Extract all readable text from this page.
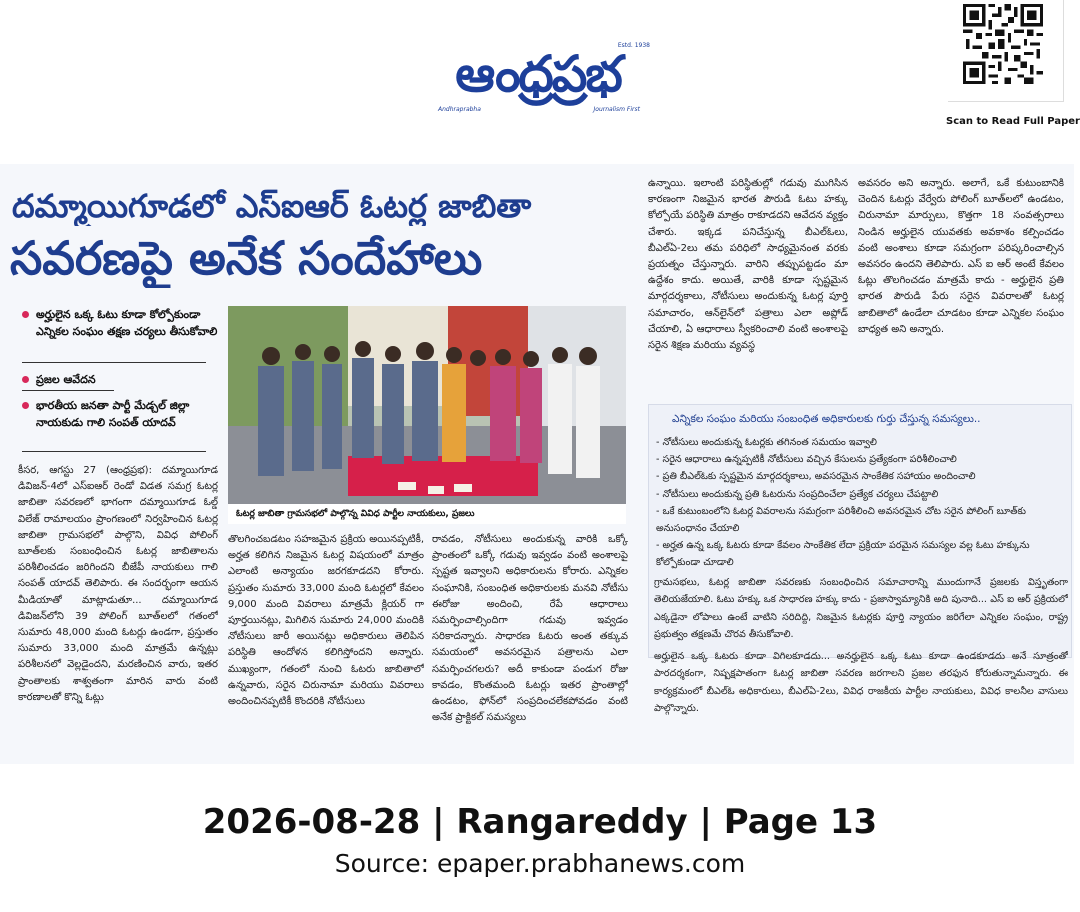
Estd. 1938
ఆంధ్రప్రభ
Andhraprabha	Journalism First
Scan to Read Full Paper
దమ్మాయిగూడలో ఎస్ఐఆర్ ఓటర్ల జాబితా
సవరణపై అనేక సందేహాలు
అర్హులైన ఒక్క ఓటు కూడా కోల్పోకుండా ఎన్నికల సంఘం తక్షణ చర్యలు తీసుకోవాలి
ప్రజల ఆవేదన
భారతీయ జనతా పార్టీ మేడ్చల్ జిల్లా నాయకుడు గాలి సంపత్ యాదవ్
కీసర, ఆగస్టు 27 (ఆంధ్రప్రభ): దమ్మాయిగూడ డివిజన్-4లో ఎస్ఐఆర్ రెండో విడత సమగ్ర ఓటర్ల జాబితా సవరణలో భాగంగా దమ్మాయిగూడ ఓల్డ్ విలేజ్ రామాలయం ప్రాంగణంలో నిర్వహించిన ఓటర్ల జాబితా గ్రామసభలో పాల్గొని, వివిధ పోలింగ్ బూత్‌లకు సంబంధించిన ఓటర్ల జాబితాలను పరిశీలించడం జరిగిందని బీజేపీ నాయకులు గాలి సంపత్ యాదవ్ తెలిపారు. ఈ సందర్భంగా ఆయన మీడియాతో మాట్లాడుతూ... దమ్మాయిగూడ డివిజన్‌లోని 39 పోలింగ్ బూత్‌లలో గతంలో సుమారు 48,000 మంది ఓటర్లు ఉండగా, ప్రస్తుతం సుమారు 33,000 మంది మాత్రమే ఉన్నట్లు పరిశీలనలో వెల్లడైందని, మరణించిన వారు, ఇతర ప్రాంతాలకు శాశ్వతంగా మారిన వారు వంటి కారణాలతో కొన్ని ఓట్లు
ఓటర్ల జాబితా గ్రామసభలో పాల్గొన్న వివిధ పార్టీల నాయకులు, ప్రజలు
తొలగించబడటం సహజమైన ప్రక్రియ అయినప్పటికీ, అర్హత కలిగిన నిజమైన ఓటర్ల విషయంలో మాత్రం ఎలాంటి అన్యాయం జరగకూడదని కోరారు. ప్రస్తుతం సుమారు 33,000 మంది ఓటర్లలో కేవలం 9,000 మంది వివరాలు మాత్రమే క్లియర్ గా పూర్తయినట్లు, మిగిలిన సుమారు 24,000 మందికి నోటీసులు జారీ అయినట్లు అధికారులు తెలిపిన పరిస్థితి ఆందోళన కలిగిస్తోందని అన్నారు. ముఖ్యంగా, గతంలో నుంచి ఓటరు జాబితాలో ఉన్నవారు, సరైన చిరునామా మరియు వివరాలు అందించినప్పటికీ కొందరికి నోటీసులు
రావడం, నోటీసులు అందుకున్న వారికి ఒక్కో ప్రాంతంలో ఒక్కో గడువు ఇవ్వడం వంటి అంశాలపై స్పష్టత ఇవ్వాలని అధికారులను కోరారు. ఎన్నికల సంఘానికి, సంబంధిత అధికారులకు మనవి నోటీసు ఈరోజు అందించి, రేపే ఆధారాలు సమర్పించాల్సిందిగా గడువు ఇవ్వడం సరికాదన్నారు. సాధారణ ఓటరు అంత తక్కువ సమయంలో అవసరమైన పత్రాలను ఎలా సమర్పించగలరు? అదీ కాకుండా పండుగ రోజు కావడం, కొంతమంది ఓటర్లు ఇతర ప్రాంతాల్లో ఉండటం, ఫోన్‌లో సంప్రదించలేకపోవడం వంటి అనేక ప్రాక్టికల్ సమస్యలు
ఉన్నాయి. ఇలాంటి పరిస్థితుల్లో గడువు ముగిసిన కారణంగా నిజమైన భారత పౌరుడి ఓటు హక్కు కోల్పోయే పరిస్థితి మాత్రం రాకూడదని ఆవేదన వ్యక్తం చేశారు. ఇక్కడ పనిచేస్తున్న బీఎల్‌ఓలు, బీఎల్‌ఏ-2లు తమ పరిధిలో సాధ్యమైనంత వరకు ప్రయత్నం చేస్తున్నారు. వారిని తప్పుపట్టడం మా ఉద్దేశం కాదు. అయితే, వారికి కూడా స్పష్టమైన మార్గదర్శకాలు, నోటీసులు అందుకున్న ఓటర్ల పూర్తి సమాచారం, ఆన్‌లైన్‌లో పత్రాలు ఎలా అప్లోడ్ చేయాలి, ఏ ఆధారాలు స్వీకరించాలి వంటి అంశాలపై సరైన శిక్షణ మరియు వ్యవస్థ
అవసరం అని అన్నారు. అలాగే, ఒకే కుటుంబానికి చెందిన ఓటర్లు వేర్వేరు పోలింగ్ బూత్‌లలో ఉండటం, చిరునామా మార్పులు, కొత్తగా 18 సంవత్సరాలు నిండిన అర్హులైన యువతకు అవకాశం కల్పించడం వంటి అంశాలు కూడా సమగ్రంగా పరిష్కరించాల్సిన అవసరం ఉందని తెలిపారు. ఎస్ ఐ ఆర్ అంటే కేవలం ఓట్లు తొలగించడం మాత్రమే కాదు - అర్హులైన ప్రతి భారత పౌరుడి పేరు సరైన వివరాలతో ఓటర్ల జాబితాలో ఉండేలా చూడటం కూడా ఎన్నికల సంఘం బాధ్యత అని అన్నారు.
ఎన్నికల సంఘం మరియు సంబంధిత అధికారులకు గుర్తు చేస్తున్న సమస్యలు..
- నోటీసులు అందుకున్న ఓటర్లకు తగినంత సమయం ఇవ్వాలి
- సరైన ఆధారాలు ఉన్నప్పటికీ నోటీసులు వచ్చిన కేసులను ప్రత్యేకంగా పరిశీలించాలి
- ప్రతి బీఎల్‌ఓకు స్పష్టమైన మార్గదర్శకాలు, అవసరమైన సాంకేతిక సహాయం అందించాలి
- నోటీసులు అందుకున్న ప్రతి ఓటరును సంప్రదించేలా ప్రత్యేక చర్యలు చేపట్టాలి
- ఒకే కుటుంబంలోని ఓటర్ల వివరాలను సమగ్రంగా పరిశీలించి అవసరమైన చోట సరైన పోలింగ్ బూత్‌కు అనుసంధానం చేయాలి
- అర్హత ఉన్న ఒక్క ఓటరు కూడా కేవలం సాంకేతిక లేదా ప్రక్రియా పరమైన సమస్యల వల్ల ఓటు హక్కును కోల్పోకుండా చూడాలి
గ్రామసభలు, ఓటర్ల జాబితా సవరణకు సంబంధించిన సమాచారాన్ని ముందుగానే ప్రజలకు విస్తృతంగా తెలియజేయాలి. ఓటు హక్కు ఒక సాధారణ హక్కు కాదు - ప్రజాస్వామ్యానికి అది పునాది... ఎస్ ఐ ఆర్ ప్రక్రియలో ఎక్కడైనా లోపాలు ఉంటే వాటిని సరిదిద్ది, నిజమైన ఓటర్లకు పూర్తి న్యాయం జరిగేలా ఎన్నికల సంఘం, రాష్ట్ర ప్రభుత్వం తక్షణమే చొరవ తీసుకోవాలి.
అర్హులైన ఒక్క ఓటరు కూడా విగిలకూడదు... అనర్హులైన ఒక్క ఓటు కూడా ఉండకూడదు అనే సూత్రంతో పారదర్శకంగా, నిష్పక్షపాతంగా ఓటర్ల జాబితా సవరణ జరగాలని ప్రజల తరఫున కోరుతున్నామన్నారు. ఈ కార్యక్రమంలో బీఎల్‌ఓ అధికారులు, బీఎల్‌ఏ-2లు, వివిధ రాజకీయ పార్టీల నాయకులు, వివిధ కాలనీల వాసులు పాల్గొన్నారు.
2026-08-28 | Rangareddy | Page 13
Source: epaper.prabhanews.com
